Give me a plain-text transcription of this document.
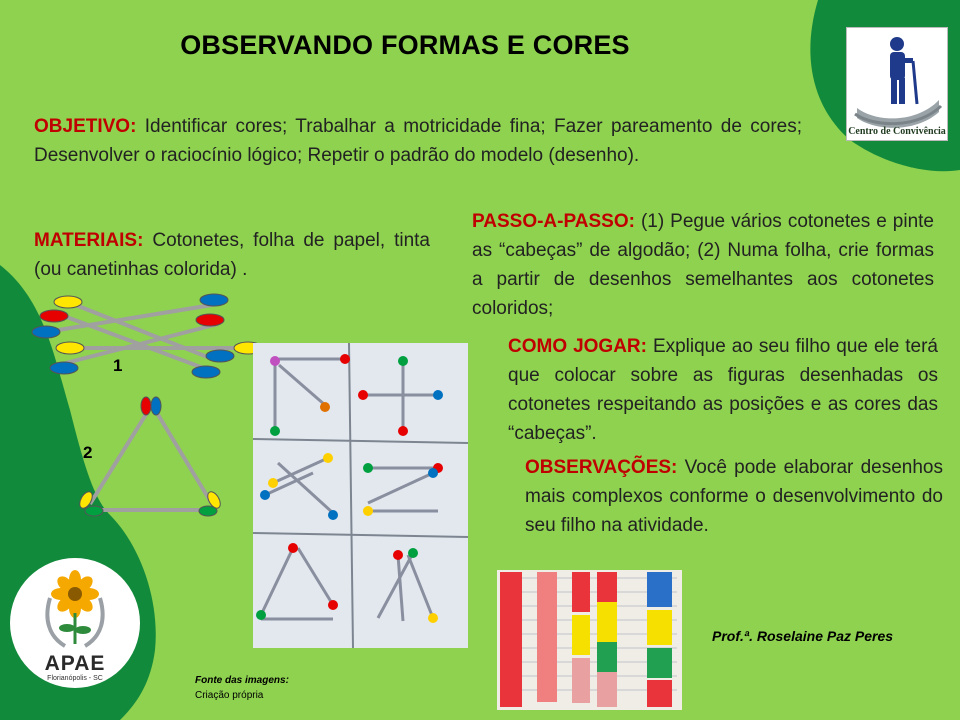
OBSERVANDO FORMAS E CORES
Centro de Convivência
OBJETIVO: Identificar cores; Trabalhar a motricidade fina; Fazer pareamento de cores; Desenvolver o raciocínio lógico; Repetir o padrão do modelo (desenho).
MATERIAIS: Cotonetes, folha de papel, tinta (ou canetinhas colorida) .
PASSO-A-PASSO: (1) Pegue vários cotonetes e pinte as “cabeças” de algodão; (2) Numa folha, crie formas a partir de desenhos semelhantes aos cotonetes coloridos;
COMO JOGAR: Explique ao seu filho que ele terá que colocar sobre as figuras desenhadas os cotonetes respeitando as posições e as cores das “cabeças”.
OBSERVAÇÕES: Você pode elaborar desenhos mais complexos conforme o desenvolvimento do seu filho na atividade.
1
2
APAE
Florianópolis - SC	Fonte das imagens:
Criação própria
Prof.ª. Roselaine Paz Peres
